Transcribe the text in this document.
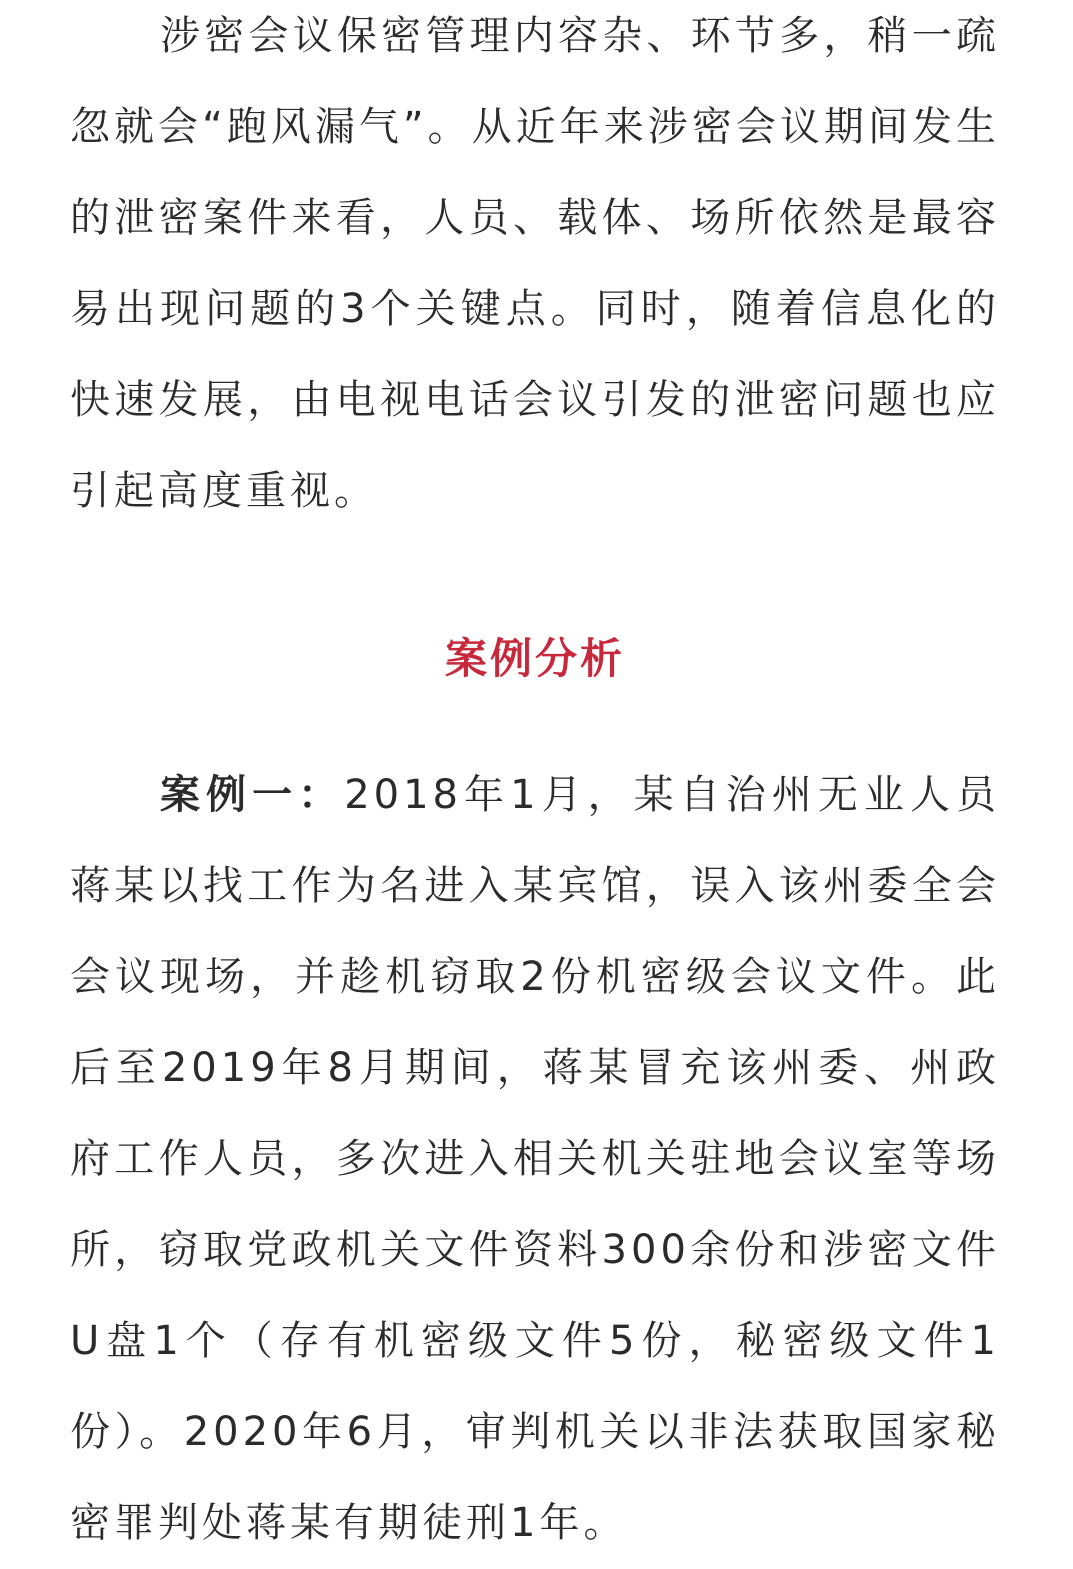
涉密会议保密管理内容杂、环节多，稍一疏忽就会“跑风漏气”。从近年来涉密会议期间发生的泄密案件来看，人员、载体、场所依然是最容易出现问题的3个关键点。同时，随着信息化的快速发展，由电视电话会议引发的泄密问题也应引起高度重视。

案例分析

案例一：2018年1月，某自治州无业人员蒋某以找工作为名进入某宾馆，误入该州委全会会议现场，并趁机窃取2份机密级会议文件。此后至2019年8月期间，蒋某冒充该州委、州政府工作人员，多次进入相关机关驻地会议室等场所，窃取党政机关文件资料300余份和涉密文件U盘1个（存有机密级文件5份，秘密级文件1份）。2020年6月，审判机关以非法获取国家秘密罪判处蒋某有期徒刑1年。
